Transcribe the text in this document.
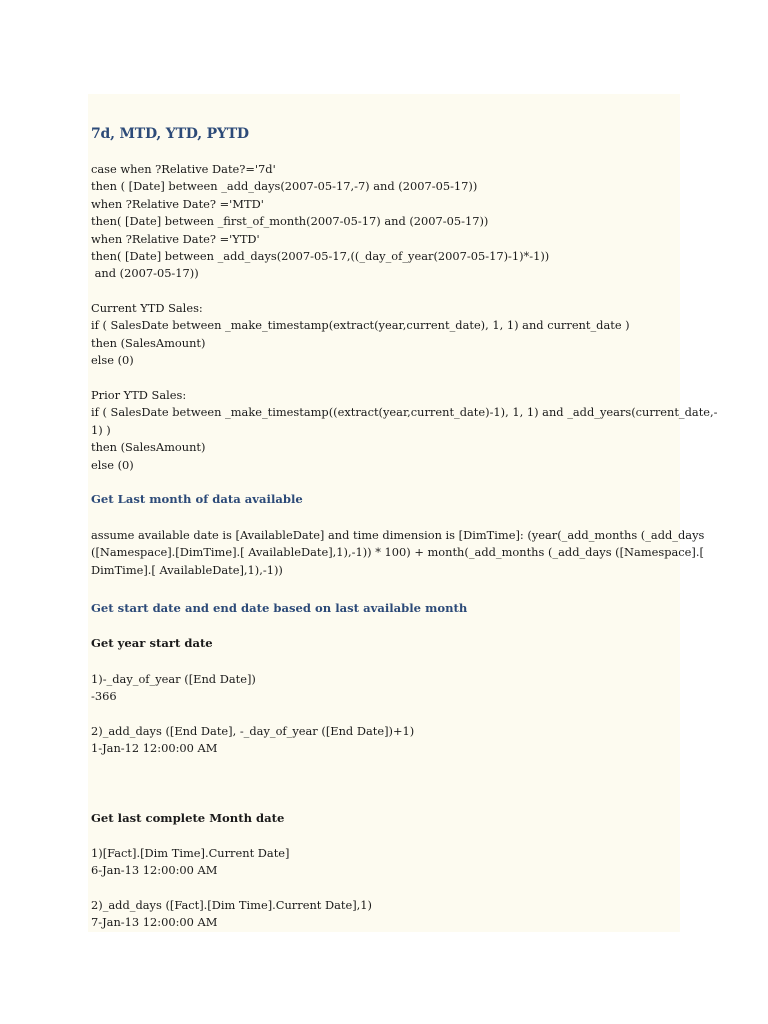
7d, MTD, YTD, PYTD
case when ?Relative Date?='7d'
then ( [Date] between _add_days(2007-05-17,-7) and (2007-05-17))
when ?Relative Date? ='MTD'
then( [Date] between _first_of_month(2007-05-17) and (2007-05-17))
when ?Relative Date? ='YTD'
then( [Date] between _add_days(2007-05-17,((_day_of_year(2007-05-17)-1)*-1))
and (2007-05-17))
Current YTD Sales:
if ( SalesDate between _make_timestamp(extract(year,current_date), 1, 1) and current_date )
then (SalesAmount)
else (0)
Prior YTD Sales:
if ( SalesDate between _make_timestamp((extract(year,current_date)-1), 1, 1) and _add_years(current_date,-
1) )
then (SalesAmount)
else (0)
Get Last month of data available
assume available date is [AvailableDate] and time dimension is [DimTime]: (year(_add_months (_add_days
([Namespace].[DimTime].[ AvailableDate],1),-1)) * 100) + month(_add_months (_add_days ([Namespace].[
DimTime].[ AvailableDate],1),-1))
Get start date and end date based on last available month
Get year start date
1)-_day_of_year ([End Date])
-366
2)_add_days ([End Date], -_day_of_year ([End Date])+1)
1-Jan-12 12:00:00 AM
Get last complete Month date
1)[Fact].[Dim Time].Current Date]
6-Jan-13 12:00:00 AM
2)_add_days ([Fact].[Dim Time].Current Date],1)
7-Jan-13 12:00:00 AM
